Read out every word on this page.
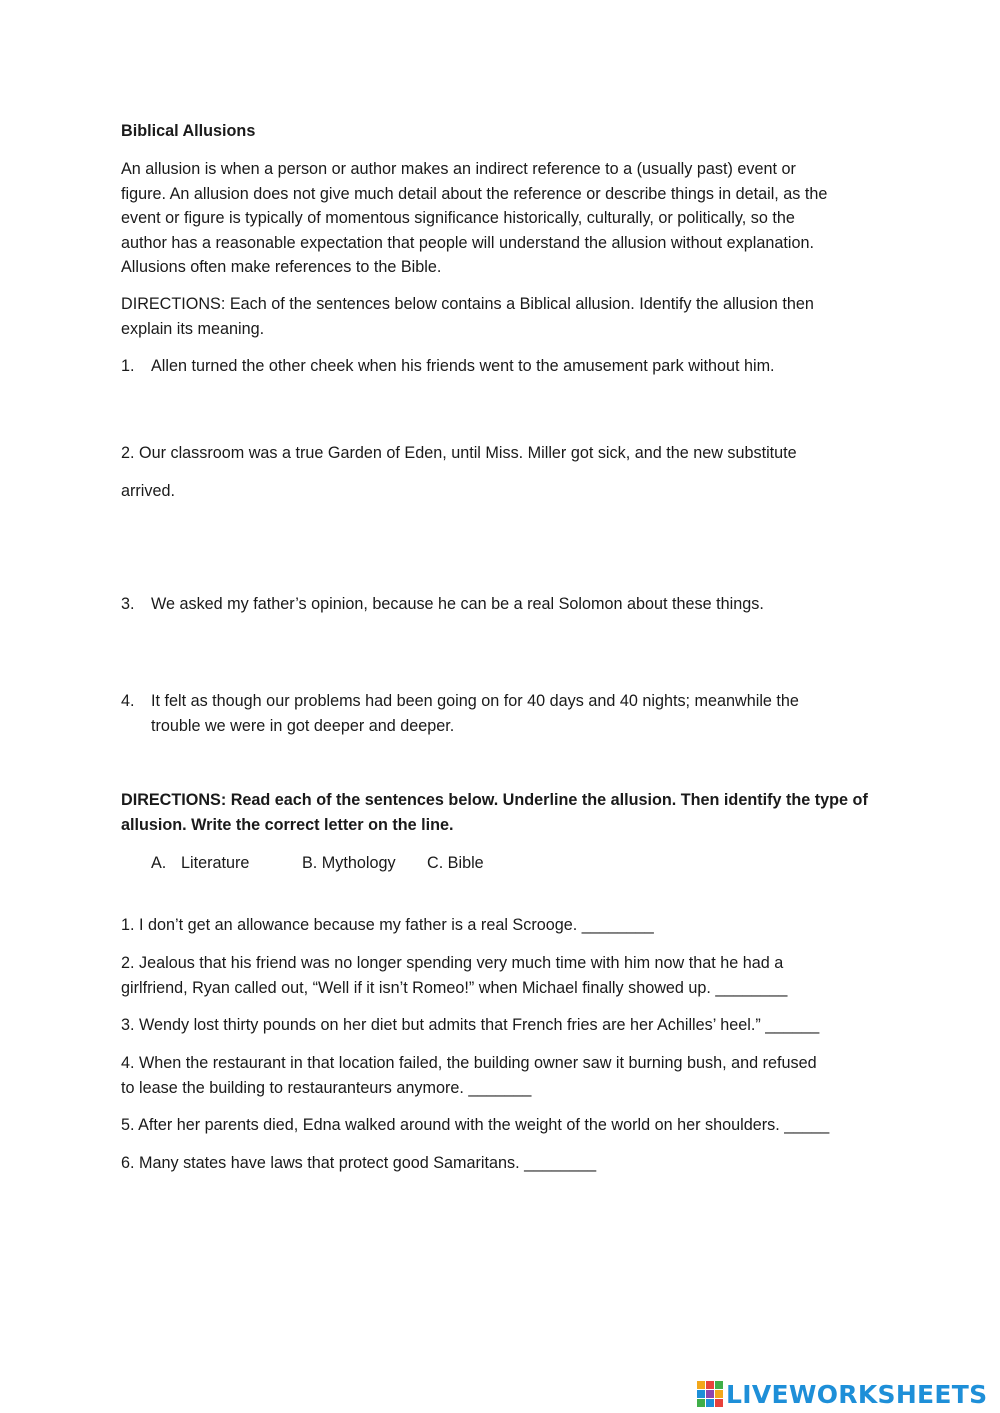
Biblical Allusions

An allusion is when a person or author makes an indirect reference to a (usually past) event or

figure. An allusion does not give much detail about the reference or describe things in detail, as the

event or figure is typically of momentous significance historically, culturally, or politically, so the

author has a reasonable expectation that people will understand the allusion without explanation.

Allusions often make references to the Bible.

DIRECTIONS: Each of the sentences below contains a Biblical allusion. Identify the allusion then

explain its meaning.

1. Allen turned the other cheek when his friends went to the amusement park without him.

2. Our classroom was a true Garden of Eden, until Miss. Miller got sick, and the new substitute

arrived.

3. We asked my father’s opinion, because he can be a real Solomon about these things.
4. It felt as though our problems had been going on for 40 days and 40 nights; meanwhile the
trouble we were in got deeper and deeper.

DIRECTIONS: Read each of the sentences below. Underline the allusion. Then identify the type of

allusion. Write the correct letter on the line.

A. Literature	B. Mythology C. Bible

1. I don’t get an allowance because my father is a real Scrooge. ________

2. Jealous that his friend was no longer spending very much time with him now that he had a

girlfriend, Ryan called out, “Well if it isn’t Romeo!” when Michael finally showed up. ________

3. Wendy lost thirty pounds on her diet but admits that French fries are her Achilles’ heel.” ______

4. When the restaurant in that location failed, the building owner saw it burning bush, and refused

to lease the building to restauranteurs anymore. _______

5. After her parents died, Edna walked around with the weight of the world on her shoulders. _____

6. Many states have laws that protect good Samaritans. ________

LIVEWORKSHEETS
